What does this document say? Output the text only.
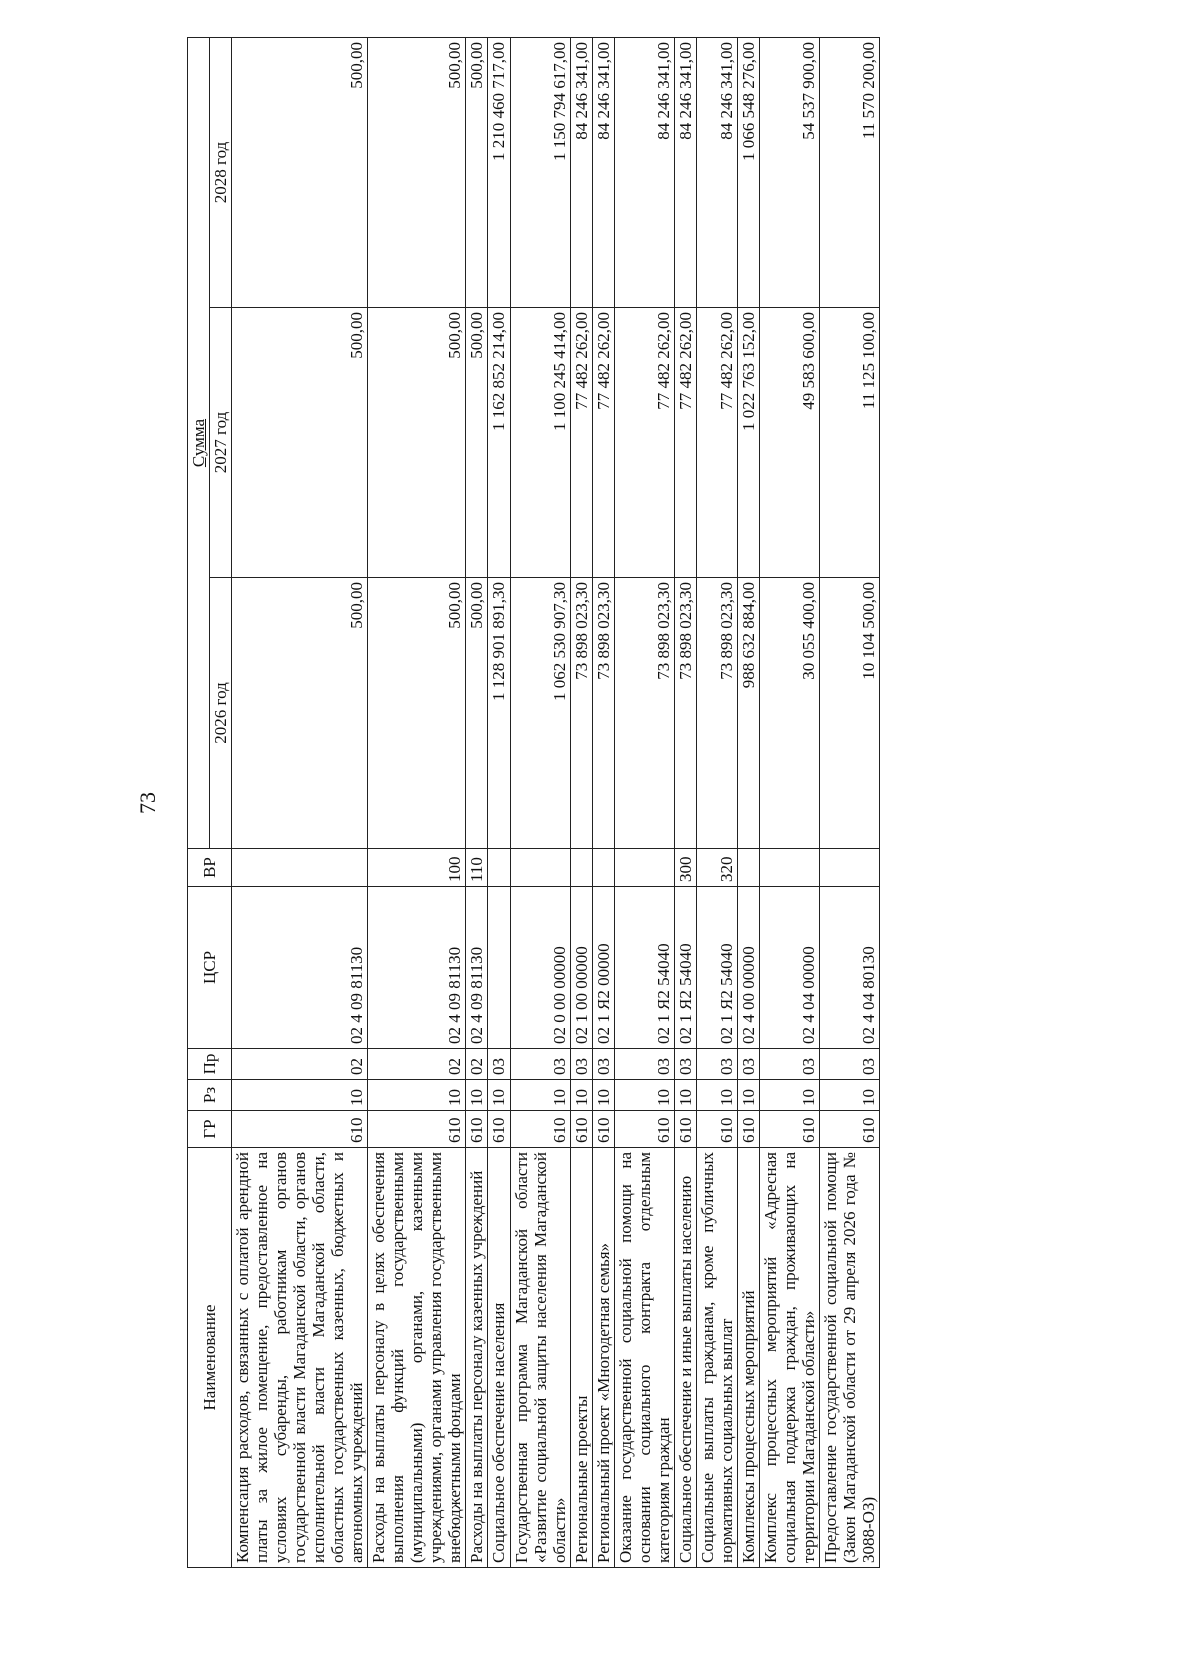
73
Наименование	ГР	Рз	Пр	ЦСР	ВР	Сумма		
						2026 год	2027 год	2028 год
Компенсация расходов, связанных с оплатой арендной платы за жилое помещение, предоставленное на условиях субаренды, работникам органов государственной власти Магаданской области, органов исполнительной власти Магаданской области, областных государственных казенных, бюджетных и автономных учреждений	610	10	02	02 4 09 81130		500,00	500,00	500,00
Расходы на выплаты персоналу в целях обеспечения выполнения функций государственными (муниципальными) органами, казенными учреждениями, органами управления государственными внебюджетными фондами	610	10	02	02 4 09 81130	100	500,00	500,00	500,00
Расходы на выплаты персоналу казенных учреждений	610	10	02	02 4 09 81130	110	500,00	500,00	500,00
Социальное обеспечение населения	610	10	03			1 128 901 891,30	1 162 852 214,00	1 210 460 717,00
Государственная программа Магаданской области «Развитие социальной защиты населения Магаданской области»	610	10	03	02 0 00 00000		1 062 530 907,30	1 100 245 414,00	1 150 794 617,00
Региональные проекты	610	10	03	02 1 00 00000		73 898 023,30	77 482 262,00	84 246 341,00
Региональный проект «Многодетная семья»	610	10	03	02 1 Я2 00000		73 898 023,30	77 482 262,00	84 246 341,00
Оказание государственной социальной помощи на основании социального контракта отдельным категориям граждан	610	10	03	02 1 Я2 54040		73 898 023,30	77 482 262,00	84 246 341,00
Социальное обеспечение и иные выплаты населению	610	10	03	02 1 Я2 54040	300	73 898 023,30	77 482 262,00	84 246 341,00
Социальные выплаты гражданам, кроме публичных нормативных социальных выплат	610	10	03	02 1 Я2 54040	320	73 898 023,30	77 482 262,00	84 246 341,00
Комплексы процессных мероприятий	610	10	03	02 4 00 00000		988 632 884,00	1 022 763 152,00	1 066 548 276,00
Комплекс процессных мероприятий «Адресная социальная поддержка граждан, проживающих на территории Магаданской области»	610	10	03	02 4 04 00000		30 055 400,00	49 583 600,00	54 537 900,00
Предоставление государственной социальной помощи (Закон Магаданской области от 29 апреля 2026 года № 3088-ОЗ)	610	10	03	02 4 04 80130		10 104 500,00	11 125 100,00	11 570 200,00
